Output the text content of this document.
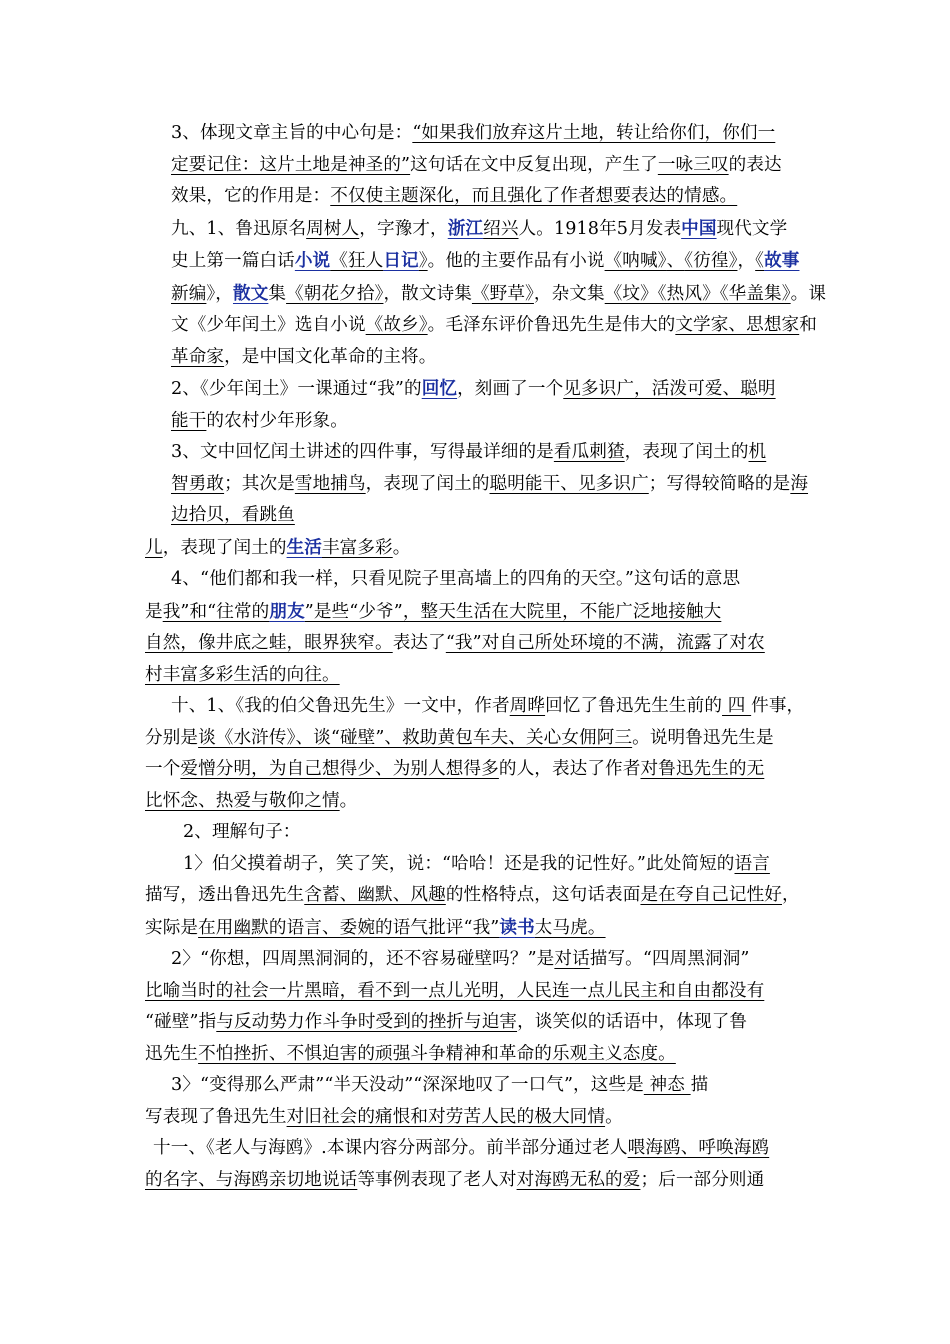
3、体现文章主旨的中心句是：“如果我们放弃这片土地，转让给你们，你们一
定要记住：这片土地是神圣的”这句话在文中反复出现，产生了一咏三叹的表达
效果，它的作用是：不仅使主题深化，而且强化了作者想要表达的情感。
九、1、鲁迅原名周树人，字豫才，浙江绍兴人。1918年5月发表中国现代文学
史上第一篇白话小说《狂人日记》。他的主要作品有小说《呐喊》、《彷徨》，《故事
新编》，散文集《朝花夕拾》，散文诗集《野草》，杂文集《坟》《热风》《华盖集》。课
文《少年闰土》选自小说《故乡》。毛泽东评价鲁迅先生是伟大的文学家、思想家和
革命家，是中国文化革命的主将。
2、《少年闰土》一课通过“我”的回忆，刻画了一个见多识广，活泼可爱、聪明
能干的农村少年形象。
3、文中回忆闰土讲述的四件事，写得最详细的是看瓜刺猹，表现了闰土的机
智勇敢；其次是雪地捕鸟，表现了闰土的聪明能干、见多识广；写得较简略的是海
边拾贝，看跳鱼
儿，表现了闰土的生活丰富多彩。
4、“他们都和我一样，只看见院子里高墙上的四角的天空。”这句话的意思
是我”和“往常的朋友”是些“少爷”，整天生活在大院里，不能广泛地接触大
自然，像井底之蛙，眼界狭窄。表达了“我”对自己所处环境的不满，流露了对农
村丰富多彩生活的向往。
十、1、《我的伯父鲁迅先生》一文中，作者周晔回忆了鲁迅先生生前的 四 件事，
分别是谈《水浒传》、谈“碰壁”、救助黄包车夫、关心女佣阿三。说明鲁迅先生是
一个爱憎分明，为自己想得少、为别人想得多的人，表达了作者对鲁迅先生的无
比怀念、热爱与敬仰之情。
2、理解句子：
1〉伯父摸着胡子，笑了笑，说：“哈哈！还是我的记性好。”此处简短的语言
描写，透出鲁迅先生含蓄、幽默、风趣的性格特点，这句话表面是在夸自己记性好，
实际是在用幽默的语言、委婉的语气批评“我”读书太马虎。
2〉“你想，四周黑洞洞的，还不容易碰壁吗？”是对话描写。“四周黑洞洞”
比喻当时的社会一片黑暗，看不到一点儿光明，人民连一点儿民主和自由都没有
“碰壁”指与反动势力作斗争时受到的挫折与迫害，谈笑似的话语中，体现了鲁
迅先生不怕挫折、不惧迫害的顽强斗争精神和革命的乐观主义态度。
3〉“变得那么严肃”“半天没动”“深深地叹了一口气”，这些是 神态 描
写表现了鲁迅先生对旧社会的痛恨和对劳苦人民的极大同情。
十一、《老人与海鸥》.本课内容分两部分。前半部分通过老人喂海鸥、呼唤海鸥
的名字、与海鸥亲切地说话等事例表现了老人对对海鸥无私的爱；后一部分则通
